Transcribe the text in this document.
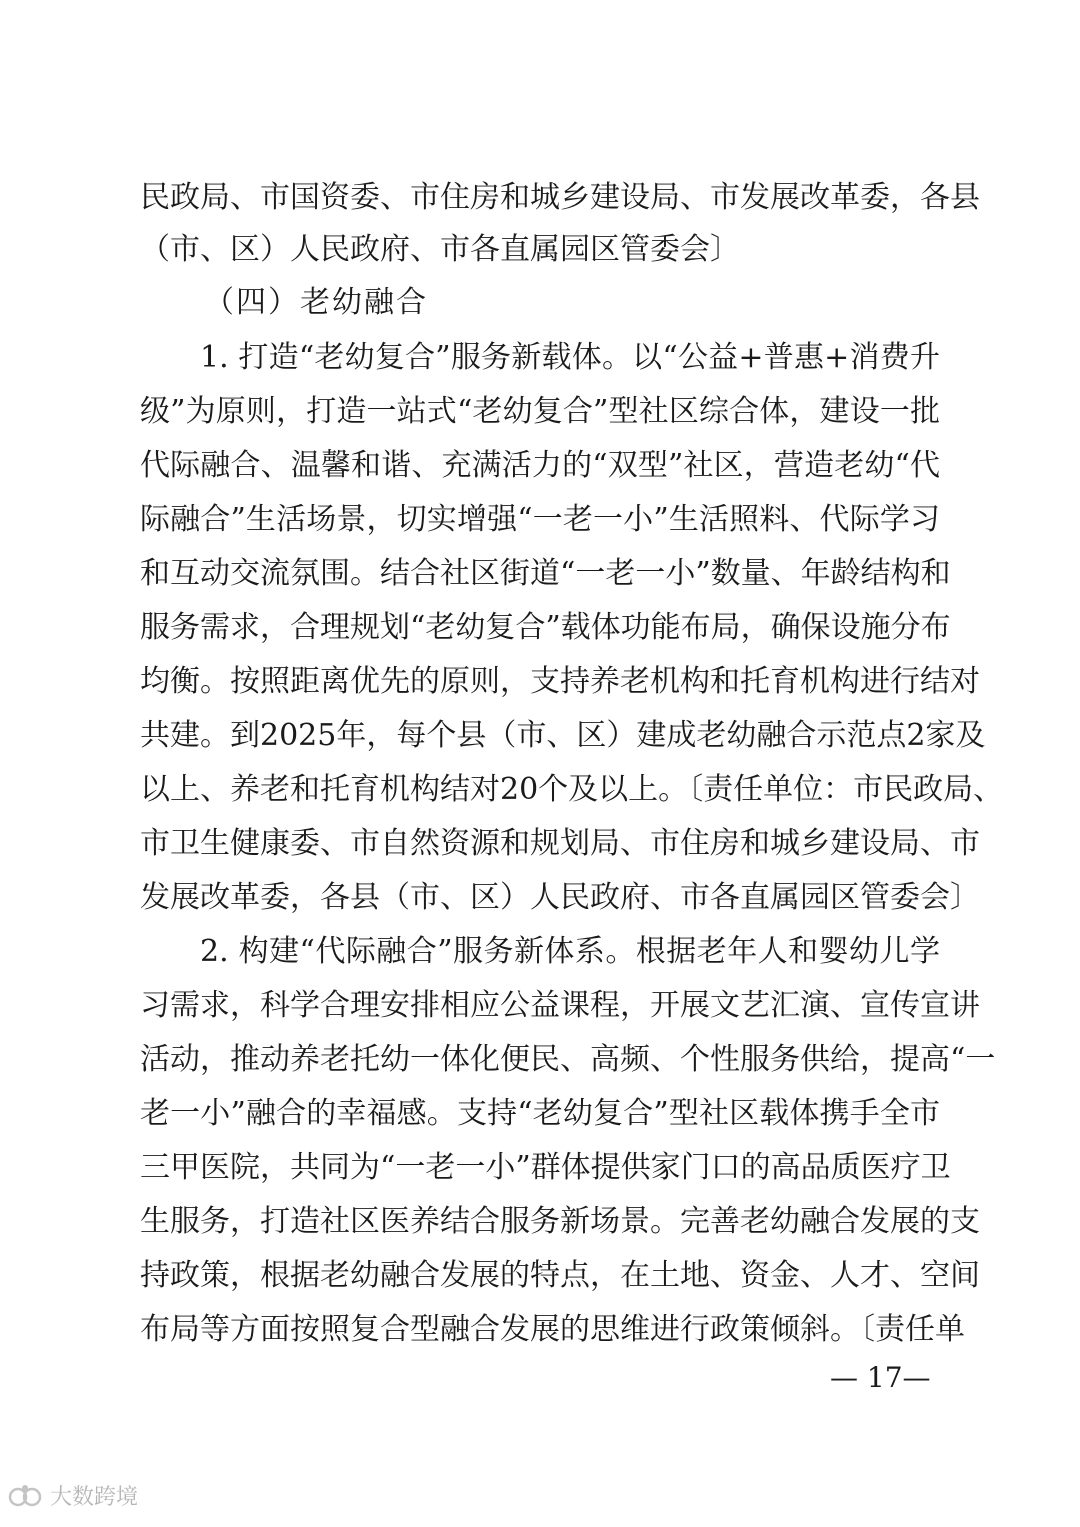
民政局、市国资委、市住房和城乡建设局、市发展改革委，各县
（市、区）人民政府、市各直属园区管委会〕
（四）老幼融合
1. 打造“老幼复合”服务新载体。以“公益+普惠+消费升
级”为原则，打造一站式“老幼复合”型社区综合体，建设一批
代际融合、温馨和谐、充满活力的“双型”社区，营造老幼“代
际融合”生活场景，切实增强“一老一小”生活照料、代际学习
和互动交流氛围。结合社区街道“一老一小”数量、年龄结构和
服务需求，合理规划“老幼复合”载体功能布局，确保设施分布
均衡。按照距离优先的原则，支持养老机构和托育机构进行结对
共建。到2025年，每个县（市、区）建成老幼融合示范点2家及
以上、养老和托育机构结对20个及以上。〔责任单位：市民政局、
市卫生健康委、市自然资源和规划局、市住房和城乡建设局、市
发展改革委，各县（市、区）人民政府、市各直属园区管委会〕
2. 构建“代际融合”服务新体系。根据老年人和婴幼儿学
习需求，科学合理安排相应公益课程，开展文艺汇演、宣传宣讲
活动，推动养老托幼一体化便民、高频、个性服务供给，提高“一
老一小”融合的幸福感。支持“老幼复合”型社区载体携手全市
三甲医院，共同为“一老一小”群体提供家门口的高品质医疗卫
生服务，打造社区医养结合服务新场景。完善老幼融合发展的支
持政策，根据老幼融合发展的特点，在土地、资金、人才、空间
布局等方面按照复合型融合发展的思维进行政策倾斜。〔责任单
— 17—
大数跨境
